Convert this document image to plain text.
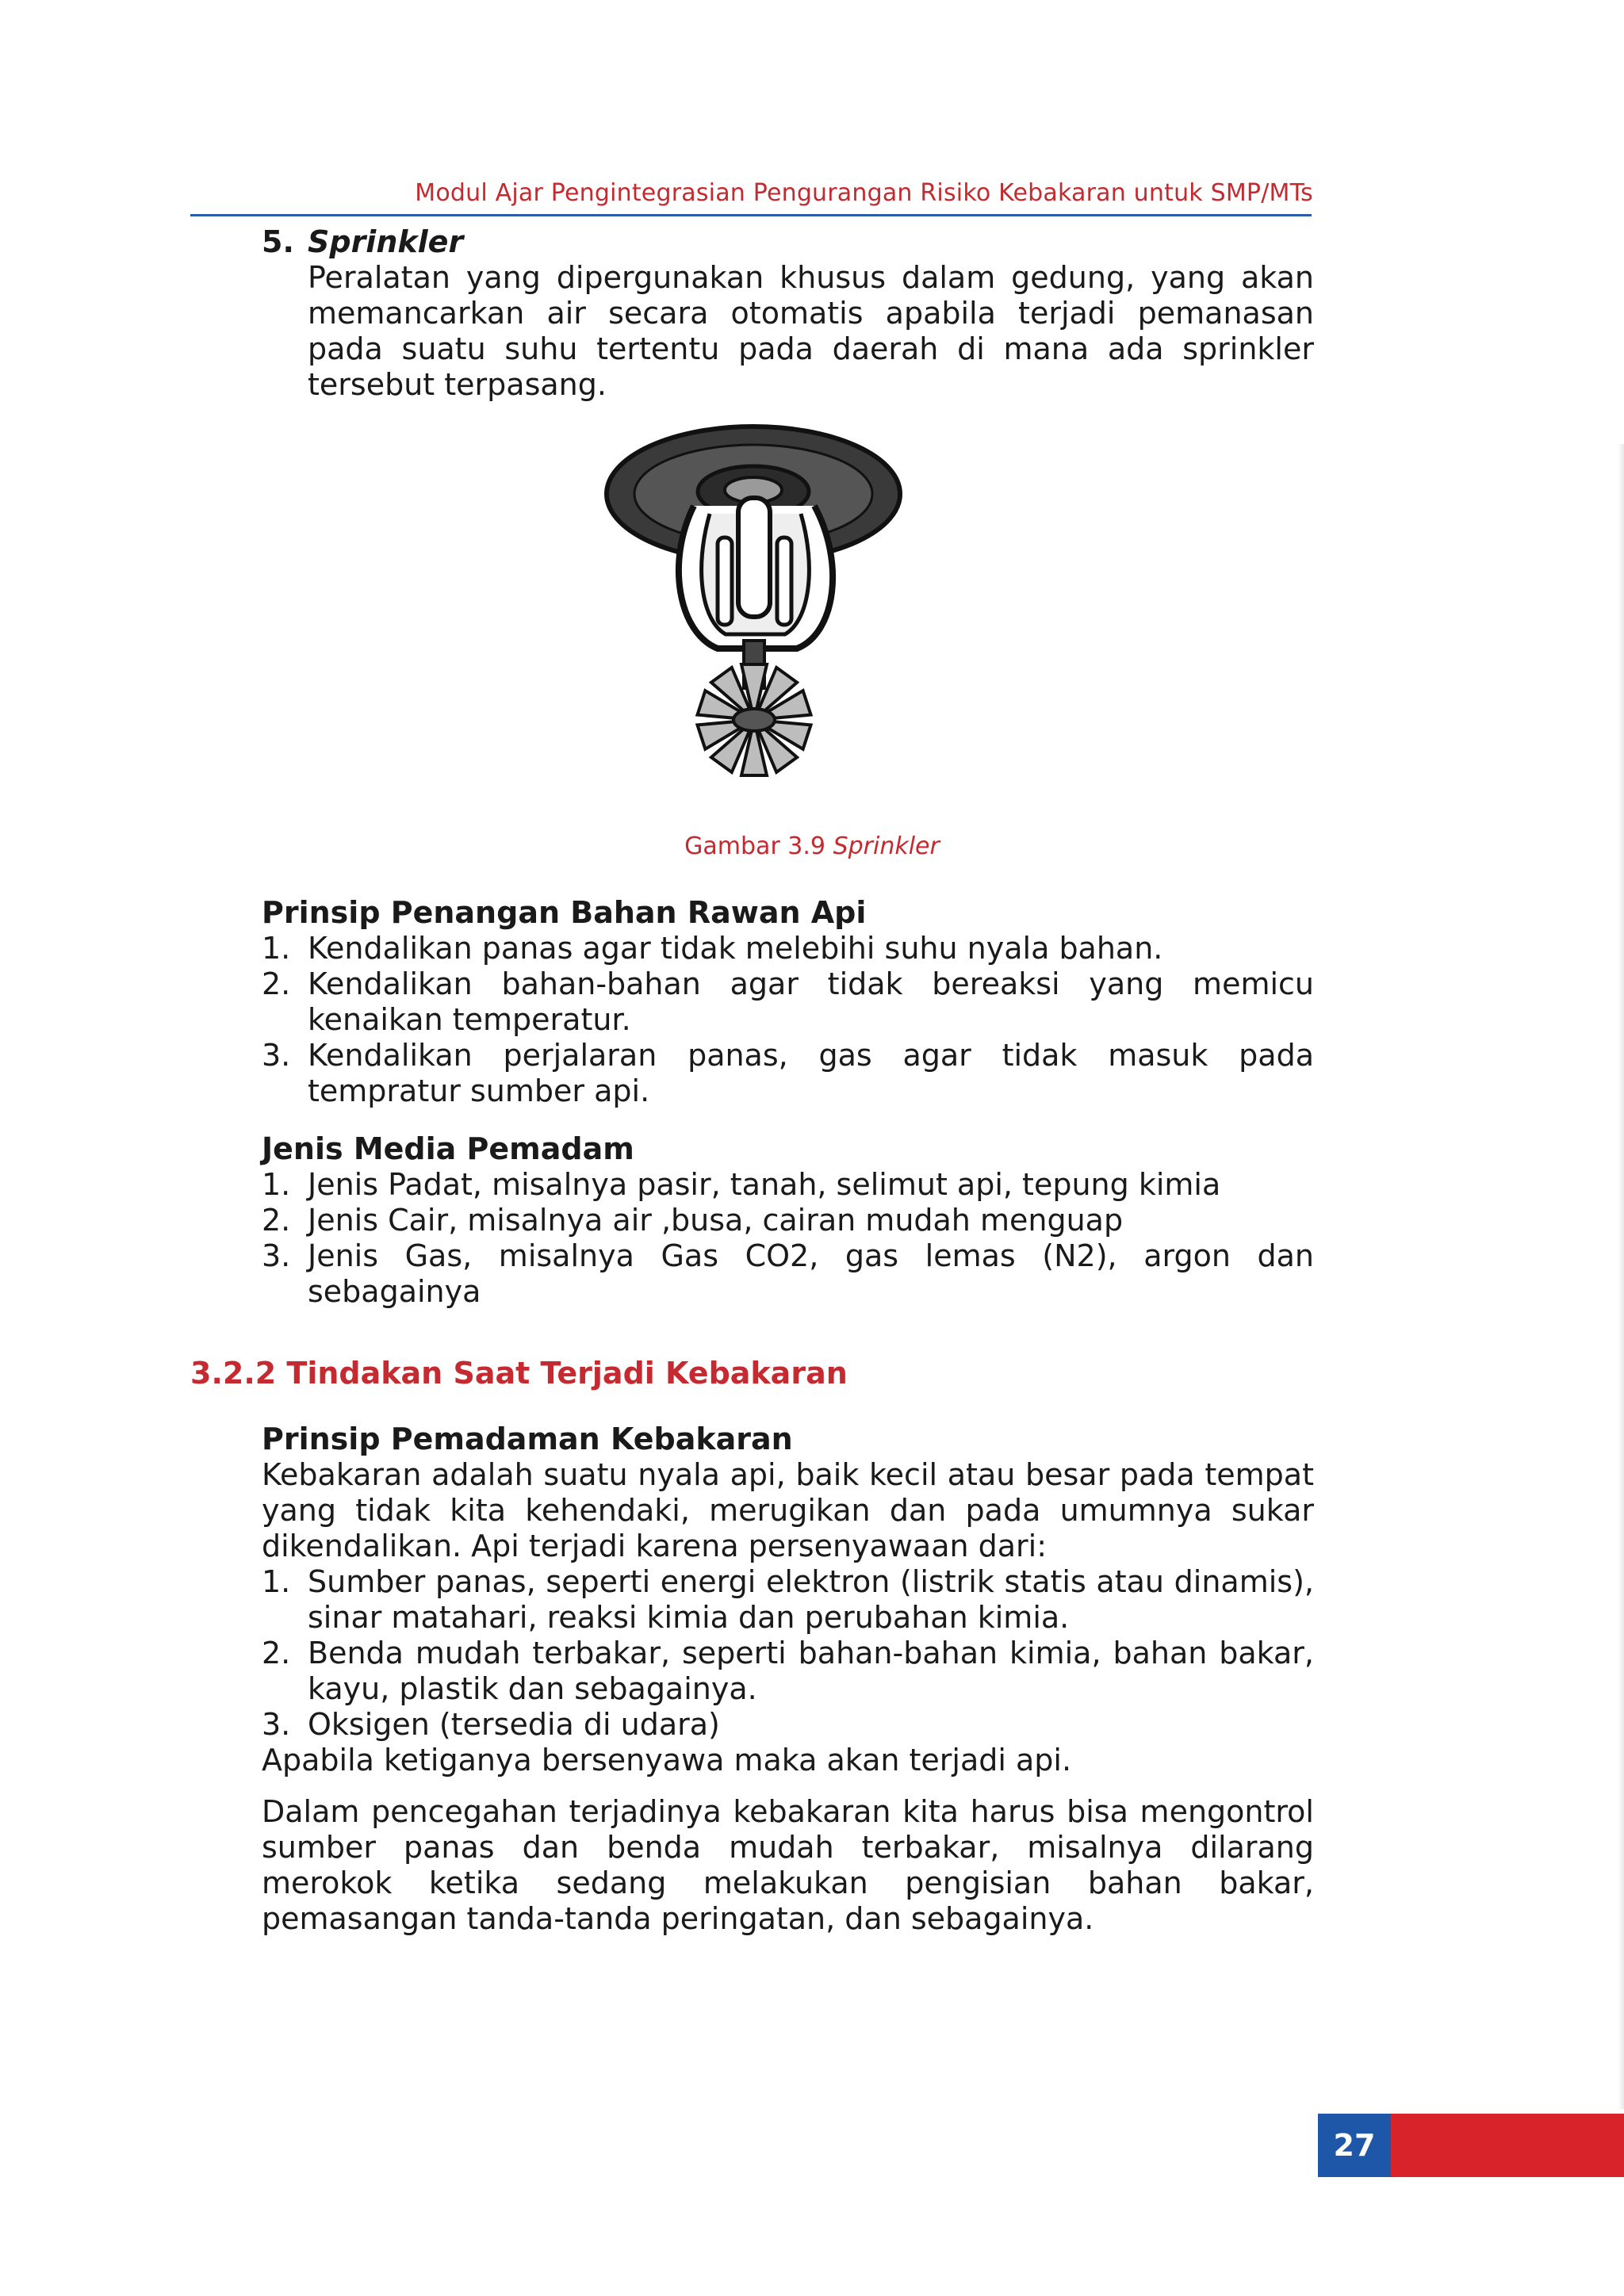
Modul Ajar Pengintegrasian Pengurangan Risiko Kebakaran untuk SMP/MTs
5. Sprinkler

Peralatan yang dipergunakan khusus dalam gedung, yang akan memancarkan air secara otomatis apabila terjadi pemanasan pada suatu suhu tertentu pada daerah di mana ada sprinkler tersebut terpasang.

Gambar 3.9 Sprinkler
Prinsip Penangan Bahan Rawan Api
1. Kendalikan panas agar tidak melebihi suhu nyala bahan.
2. Kendalikan bahan-bahan agar tidak bereaksi yang memicu kenaikan temperatur.
3. Kendalikan perjalaran panas, gas agar tidak masuk pada tempratur sumber api.
Jenis Media Pemadam
1. Jenis Padat, misalnya pasir, tanah, selimut api, tepung kimia
2. Jenis Cair, misalnya air ,busa, cairan mudah menguap
3. Jenis Gas, misalnya Gas CO2, gas lemas (N2), argon dan sebagainya
3.2.2 Tindakan Saat Terjadi Kebakaran
Prinsip Pemadaman Kebakaran

Kebakaran adalah suatu nyala api, baik kecil atau besar pada tempat yang tidak kita kehendaki, merugikan dan pada umumnya sukar dikendalikan. Api terjadi karena persenyawaan dari:

1. Sumber panas, seperti energi elektron (listrik statis atau dinamis), sinar matahari, reaksi kimia dan perubahan kimia.
2. Benda mudah terbakar, seperti bahan-bahan kimia, bahan bakar, kayu, plastik dan sebagainya.
3. Oksigen (tersedia di udara)

Apabila ketiganya bersenyawa maka akan terjadi api.

Dalam pencegahan terjadinya kebakaran kita harus bisa mengontrol sumber panas dan benda mudah terbakar, misalnya dilarang merokok ketika sedang melakukan pengisian bahan bakar, pemasangan tanda-tanda peringatan, dan sebagainya.

27
